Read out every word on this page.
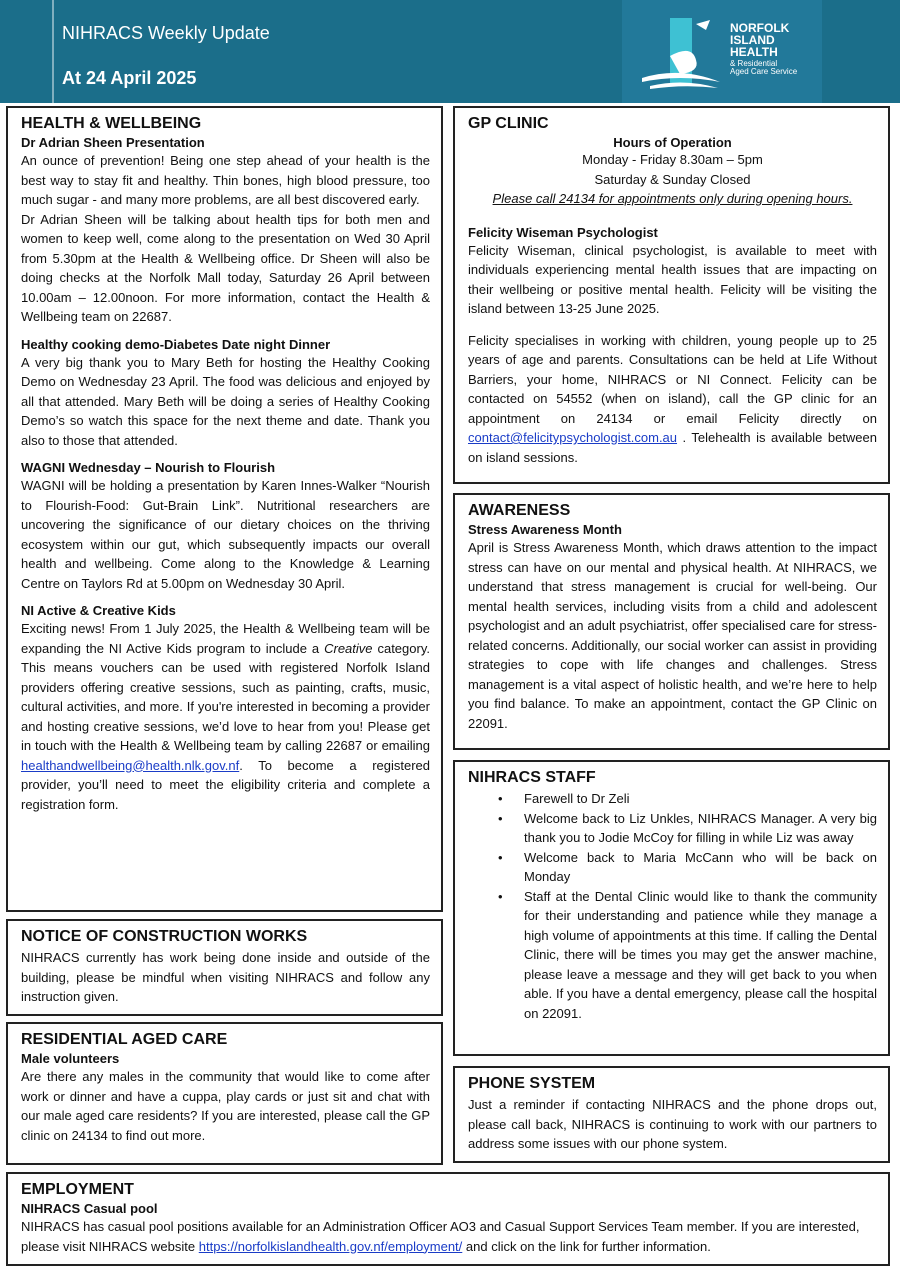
NIHRACS Weekly Update
At 24 April 2025
NORFOLK
ISLAND
HEALTH
& Residential
Aged Care Service
HEALTH & WELLBEING
Dr Adrian Sheen Presentation

An ounce of prevention! Being one step ahead of your health is the best way to stay fit and healthy. Thin bones, high blood pressure, too much sugar - and many more problems, are all best discovered early.

Dr Adrian Sheen will be talking about health tips for both men and women to keep well, come along to the presentation on Wed 30 April from 5.30pm at the Health & Wellbeing office. Dr Sheen will also be doing checks at the Norfolk Mall today, Saturday 26 April between 10.00am – 12.00noon. For more information, contact the Health & Wellbeing team on 22687.

Healthy cooking demo-Diabetes Date night Dinner

A very big thank you to Mary Beth for hosting the Healthy Cooking Demo on Wednesday 23 April. The food was delicious and enjoyed by all that attended. Mary Beth will be doing a series of Healthy Cooking Demo’s so watch this space for the next theme and date. Thank you also to those that attended.

WAGNI Wednesday – Nourish to Flourish

WAGNI will be holding a presentation by Karen Innes-Walker “Nourish to Flourish-Food: Gut-Brain Link”. Nutritional researchers are uncovering the significance of our dietary choices on the thriving ecosystem within our gut, which subsequently impacts our overall health and wellbeing. Come along to the Knowledge & Learning Centre on Taylors Rd at 5.00pm on Wednesday 30 April.

NI Active & Creative Kids

Exciting news! From 1 July 2025, the Health & Wellbeing team will be expanding the NI Active Kids program to include a Creative category. This means vouchers can be used with registered Norfolk Island providers offering creative sessions, such as painting, crafts, music, cultural activities, and more. If you're interested in becoming a provider and hosting creative sessions, we’d love to hear from you! Please get in touch with the Health & Wellbeing team by calling 22687 or emailing healthandwellbeing@health.nlk.gov.nf. To become a registered provider, you’ll need to meet the eligibility criteria and complete a registration form.

NOTICE OF CONSTRUCTION WORKS

NIHRACS currently has work being done inside and outside of the building, please be mindful when visiting NIHRACS and follow any instruction given.

RESIDENTIAL AGED CARE
Male volunteers

Are there any males in the community that would like to come after work or dinner and have a cuppa, play cards or just sit and chat with our male aged care residents? If you are interested, please call the GP clinic on 24134 to find out more.

GP CLINIC
Hours of Operation

Monday - Friday 8.30am – 5pm

Saturday & Sunday Closed

Please call 24134 for appointments only during opening hours.

Felicity Wiseman Psychologist

Felicity Wiseman, clinical psychologist, is available to meet with individuals experiencing mental health issues that are impacting on their wellbeing or positive mental health. Felicity will be visiting the island between 13-25 June 2025.

Felicity specialises in working with children, young people up to 25 years of age and parents. Consultations can be held at Life Without Barriers, your home, NIHRACS or NI Connect. Felicity can be contacted on 54552 (when on island), call the GP clinic for an appointment on 24134 or email Felicity directly on contact@felicitypsychologist.com.au . Telehealth is available between on island sessions.

AWARENESS
Stress Awareness Month

April is Stress Awareness Month, which draws attention to the impact stress can have on our mental and physical health. At NIHRACS, we understand that stress management is crucial for well-being. Our mental health services, including visits from a child and adolescent psychologist and an adult psychiatrist, offer specialised care for stress-related concerns. Additionally, our social worker can assist in providing strategies to cope with life changes and challenges. Stress management is a vital aspect of holistic health, and we’re here to help you find balance. To make an appointment, contact the GP Clinic on 22091.

NIHRACS STAFF
• Farewell to Dr Zeli
• Welcome back to Liz Unkles, NIHRACS Manager. A very big thank you to Jodie McCoy for filling in while Liz was away
• Welcome back to Maria McCann who will be back on Monday
• Staff at the Dental Clinic would like to thank the community for their understanding and patience while they manage a high volume of appointments at this time. If calling the Dental Clinic, there will be times you may get the answer machine, please leave a message and they will get back to you when able. If you have a dental emergency, please call the hospital on 22091.
PHONE SYSTEM

Just a reminder if contacting NIHRACS and the phone drops out, please call back, NIHRACS is continuing to work with our partners to address some issues with our phone system.

EMPLOYMENT
NIHRACS Casual pool

NIHRACS has casual pool positions available for an Administration Officer AO3 and Casual Support Services Team member. If you are interested, please visit NIHRACS website https://norfolkislandhealth.gov.nf/employment/ and click on the link for further information.
